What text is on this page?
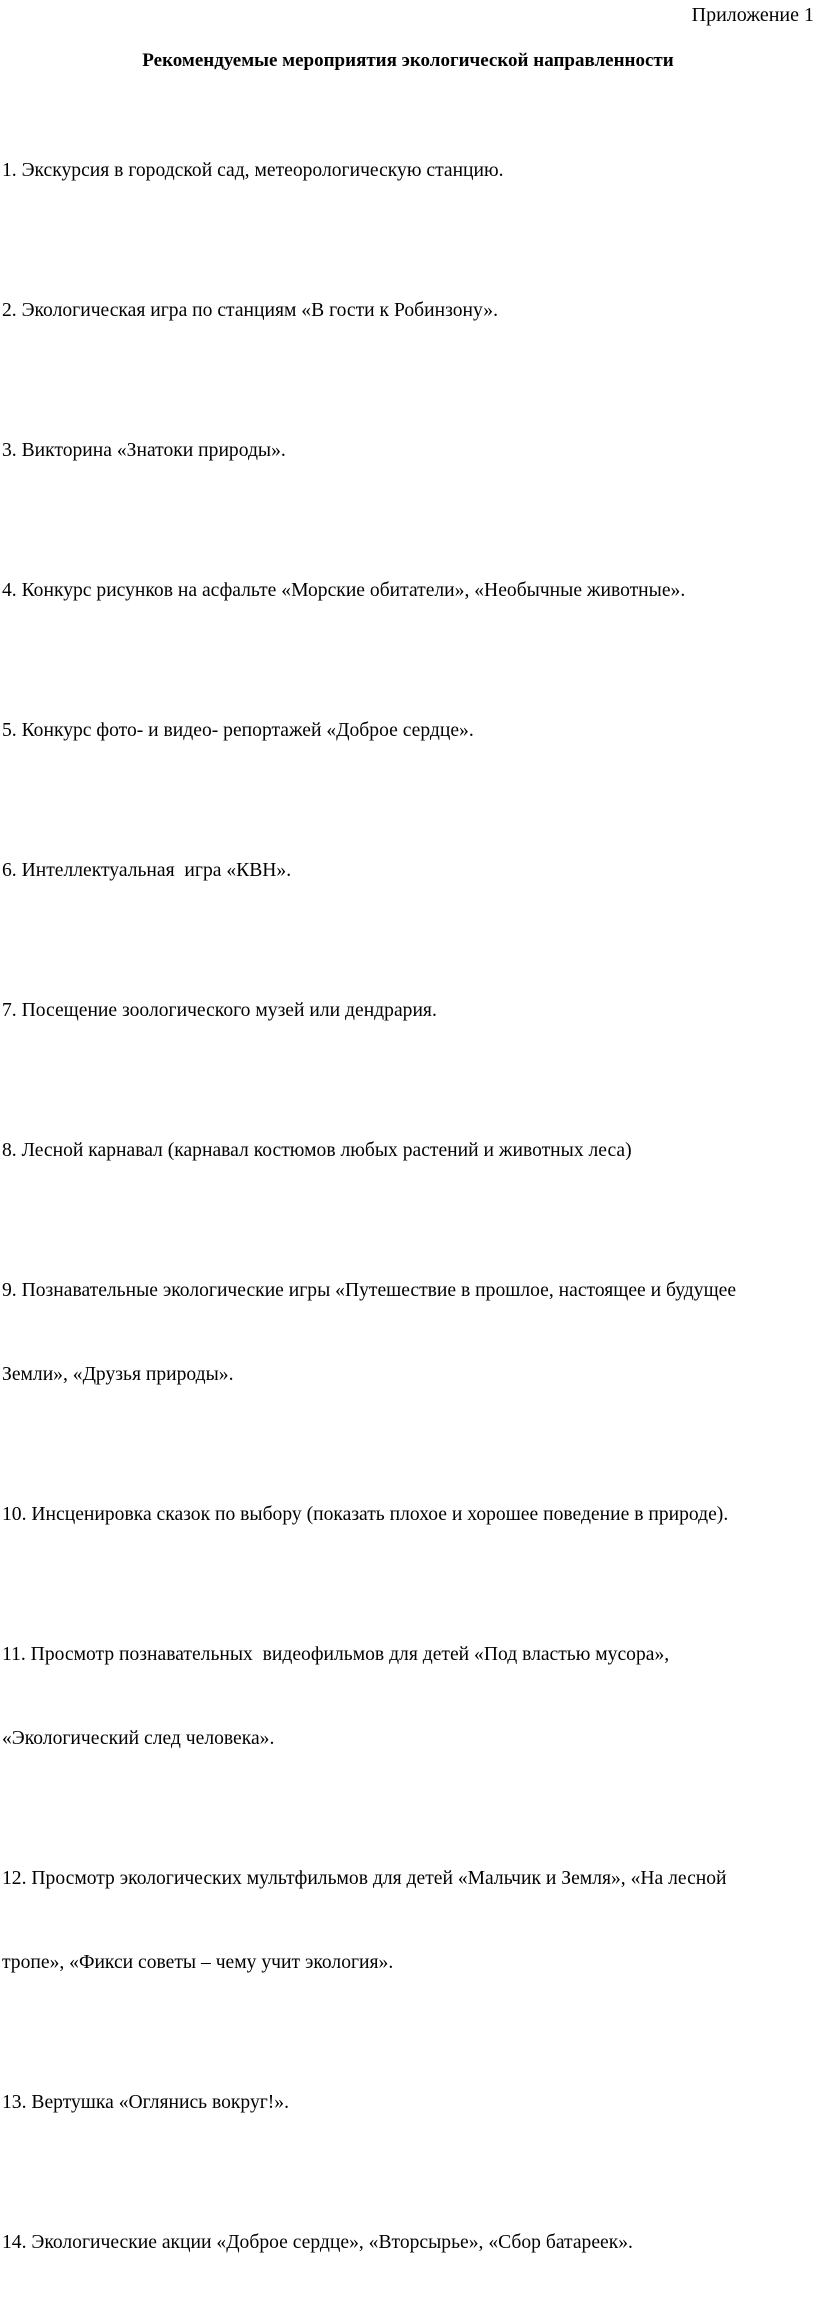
Приложение 1
Рекомендуемые мероприятия экологической направленности

1. Экскурсия в городской сад, метеорологическую станцию.

2. Экологическая игра по станциям «В гости к Робинзону».

3. Викторина «Знатоки природы».

4. Конкурс рисунков на асфальте «Морские обитатели», «Необычные животные».

5. Конкурс фото- и видео- репортажей «Доброе сердце».

6. Интеллектуальная  игра «КВН».

7. Посещение зоологического музей или дендрария.

8. Лесной карнавал (карнавал костюмов любых растений и животных леса)

9. Познавательные экологические игры «Путешествие в прошлое, настоящее и будущее

Земли», «Друзья природы».

10. Инсценировка сказок по выбору (показать плохое и хорошее поведение в природе).

11. Просмотр познавательных  видеофильмов для детей «Под властью мусора»,

«Экологический след человека».

12. Просмотр экологических мультфильмов для детей «Мальчик и Земля», «На лесной

тропе», «Фикси советы – чему учит экология».

13. Вертушка «Оглянись вокруг!».

14. Экологические акции «Доброе сердце», «Вторсырье», «Сбор батареек».
